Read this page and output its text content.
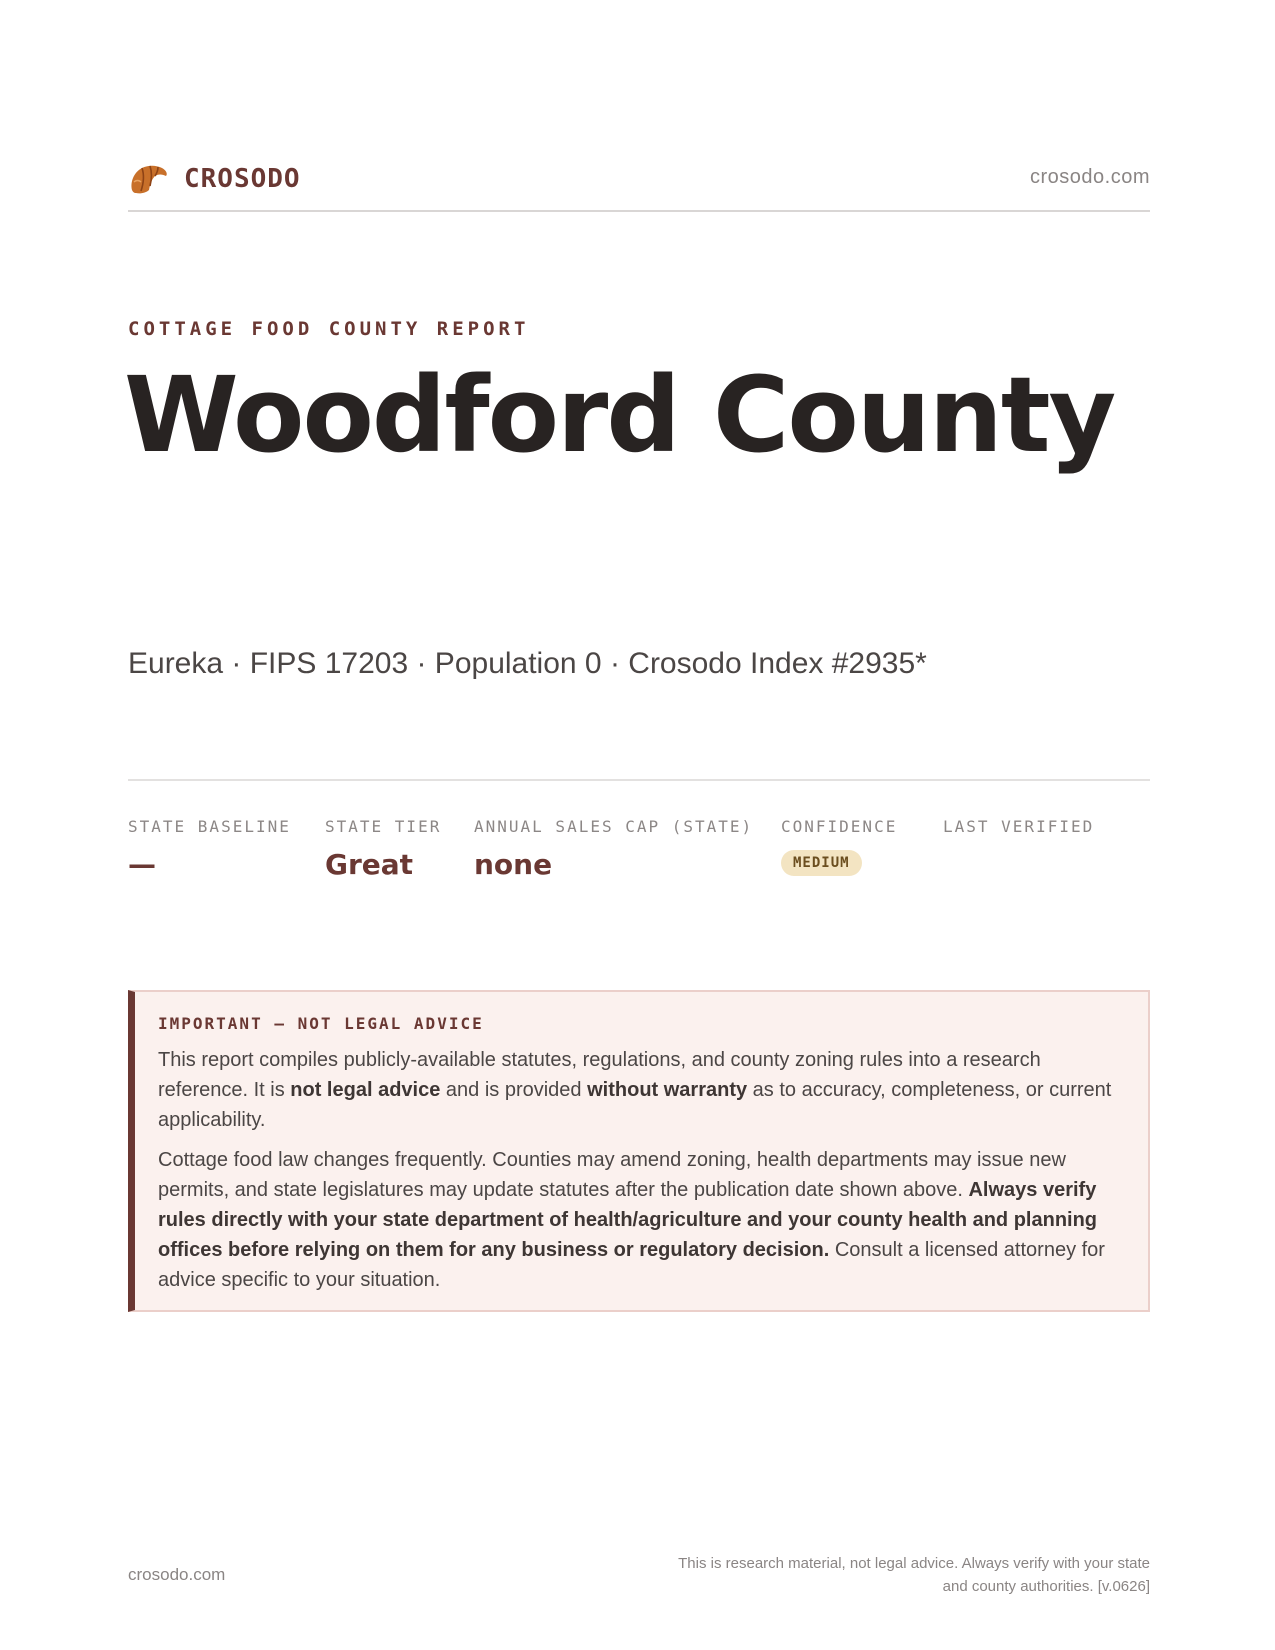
CROSODO	crosodo.com
COTTAGE FOOD COUNTY REPORT
Woodford County
Eureka · FIPS 17203 · Population 0 · Crosodo Index #2935*
STATE BASELINE
—
STATE TIER
Great
ANNUAL SALES CAP (STATE)
none
CONFIDENCE
MEDIUM
LAST VERIFIED
IMPORTANT — NOT LEGAL ADVICE

This report compiles publicly-available statutes, regulations, and county zoning rules into a research reference. It is not legal advice and is provided without warranty as to accuracy, completeness, or current applicability.

Cottage food law changes frequently. Counties may amend zoning, health departments may issue new permits, and state legislatures may update statutes after the publication date shown above. Always verify rules directly with your state department of health/agriculture and your county health and planning offices before relying on them for any business or regulatory decision. Consult a licensed attorney for advice specific to your situation.

crosodo.com
This is research material, not legal advice. Always verify with your state
and county authorities. [v.0626]
